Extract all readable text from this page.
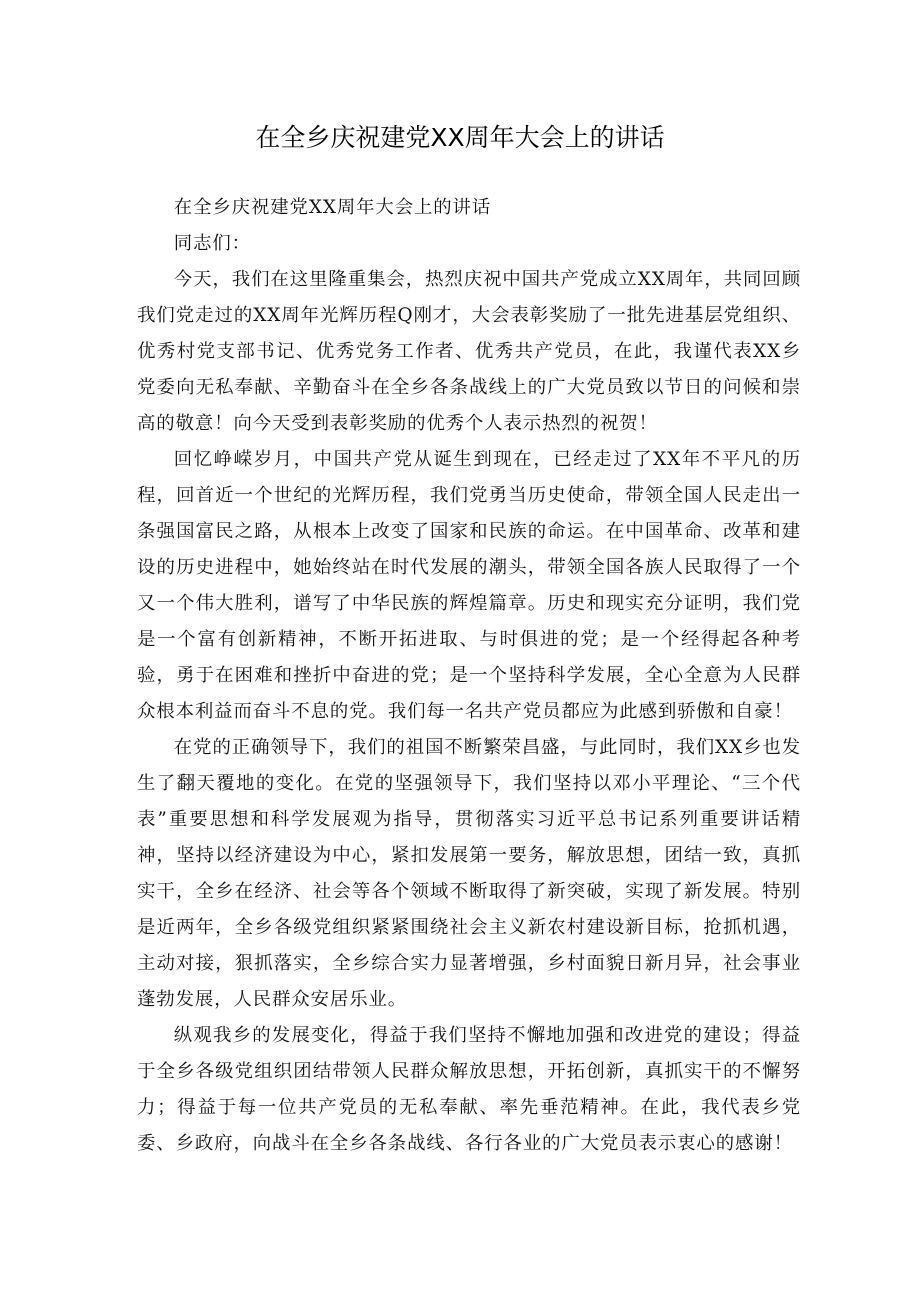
在全乡庆祝建党XX周年大会上的讲话

在全乡庆祝建党XX周年大会上的讲话

同志们：

今天，我们在这里隆重集会，热烈庆祝中国共产党成立XX周年，共同回顾我们党走过的XX周年光辉历程Q刚才，大会表彰奖励了一批先进基层党组织、优秀村党支部书记、优秀党务工作者、优秀共产党员，在此，我谨代表XX乡党委向无私奉献、辛勤奋斗在全乡各条战线上的广大党员致以节日的问候和崇高的敬意！向今天受到表彰奖励的优秀个人表示热烈的祝贺！

回忆峥嵘岁月，中国共产党从诞生到现在，已经走过了XX年不平凡的历程，回首近一个世纪的光辉历程，我们党勇当历史使命，带领全国人民走出一条强国富民之路，从根本上改变了国家和民族的命运。在中国革命、改革和建设的历史进程中，她始终站在时代发展的潮头，带领全国各族人民取得了一个又一个伟大胜利，谱写了中华民族的辉煌篇章。历史和现实充分证明，我们党是一个富有创新精神，不断开拓进取、与时俱进的党；是一个经得起各种考验，勇于在困难和挫折中奋进的党；是一个坚持科学发展，全心全意为人民群众根本利益而奋斗不息的党。我们每一名共产党员都应为此感到骄傲和自豪！

在党的正确领导下，我们的祖国不断繁荣昌盛，与此同时，我们XX乡也发生了翻天覆地的变化。在党的坚强领导下，我们坚持以邓小平理论、“三个代表”重要思想和科学发展观为指导，贯彻落实习近平总书记系列重要讲话精神，坚持以经济建设为中心，紧扣发展第一要务，解放思想，团结一致，真抓实干，全乡在经济、社会等各个领域不断取得了新突破，实现了新发展。特别是近两年，全乡各级党组织紧紧围绕社会主义新农村建设新目标，抢抓机遇，主动对接，狠抓落实，全乡综合实力显著增强，乡村面貌日新月异，社会事业蓬勃发展，人民群众安居乐业。

纵观我乡的发展变化，得益于我们坚持不懈地加强和改进党的建设；得益于全乡各级党组织团结带领人民群众解放思想，开拓创新，真抓实干的不懈努力；得益于每一位共产党员的无私奉献、率先垂范精神。在此，我代表乡党委、乡政府，向战斗在全乡各条战线、各行各业的广大党员表示衷心的感谢！
